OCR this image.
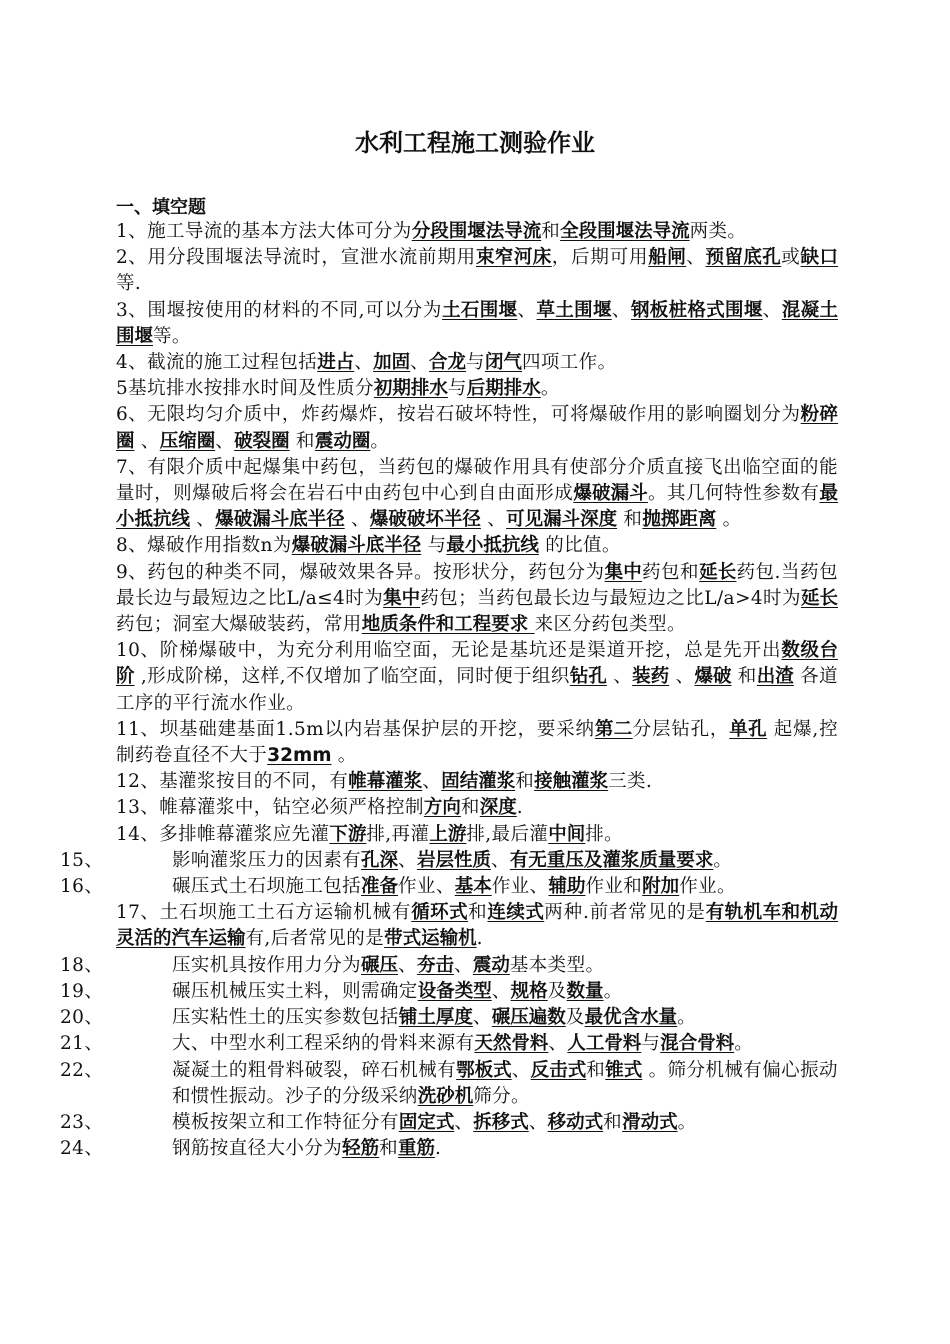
水利工程施工测验作业
一、填空题

1、施工导流的基本方法大体可分为分段围堰法导流和全段围堰法导流两类。

2、用分段围堰法导流时，宣泄水流前期用束窄河床，后期可用船闸、预留底孔或缺口等.

3、围堰按使用的材料的不同,可以分为土石围堰、草土围堰、钢板桩格式围堰、混凝土围堰等。

4、截流的施工过程包括进占、加固、合龙与闭气四项工作。

5基坑排水按排水时间及性质分初期排水与后期排水。

6、无限均匀介质中，炸药爆炸，按岩石破坏特性，可将爆破作用的影响圈划分为粉碎圈 、压缩圈、破裂圈 和震动圈。

7、有限介质中起爆集中药包，当药包的爆破作用具有使部分介质直接飞出临空面的能量时，则爆破后将会在岩石中由药包中心到自由面形成爆破漏斗。其几何特性参数有最小抵抗线 、爆破漏斗底半径 、爆破破坏半径 、可见漏斗深度 和抛掷距离 。

8、爆破作用指数n为爆破漏斗底半径 与最小抵抗线 的比值。

9、药包的种类不同，爆破效果各异。按形状分，药包分为集中药包和延长药包.当药包最长边与最短边之比L/a≤4时为集中药包；当药包最长边与最短边之比L/a>4时为延长药包；洞室大爆破装药，常用地质条件和工程要求 来区分药包类型。

10、阶梯爆破中，为充分利用临空面，无论是基坑还是渠道开挖，总是先开出数级台阶 ,形成阶梯，这样,不仅增加了临空面，同时便于组织钻孔 、装药 、爆破 和出渣 各道工序的平行流水作业。

11、坝基础建基面1.5m以内岩基保护层的开挖，要采纳第二分层钻孔，单孔 起爆,控制药卷直径不大于32mm 。

12、基灌浆按目的不同，有帷幕灌浆、固结灌浆和接触灌浆三类.

13、帷幕灌浆中，钻空必须严格控制方向和深度.

14、多排帷幕灌浆应先灌下游排,再灌上游排,最后灌中间排。

15、	影响灌浆压力的因素有孔深、岩层性质、有无重压及灌浆质量要求。

16、	碾压式土石坝施工包括准备作业、基本作业、辅助作业和附加作业。

17、土石坝施工土石方运输机械有循环式和连续式两种.前者常见的是有轨机车和机动灵活的汽车运输有,后者常见的是带式运输机.

18、	压实机具按作用力分为碾压、夯击、震动基本类型。

19、	碾压机械压实土料，则需确定设备类型、规格及数量。

20、	压实粘性土的压实参数包括铺土厚度、碾压遍数及最优含水量。

21、	大、中型水利工程采纳的骨料来源有天然骨料、人工骨料与混合骨料。

22、	凝凝土的粗骨料破裂，碎石机械有鄂板式、反击式和锥式 。筛分机械有偏心振动和惯性振动。沙子的分级采纳洗砂机筛分。

23、	模板按架立和工作特征分有固定式、拆移式、移动式和滑动式。

24、	钢筋按直径大小分为轻筋和重筋.
